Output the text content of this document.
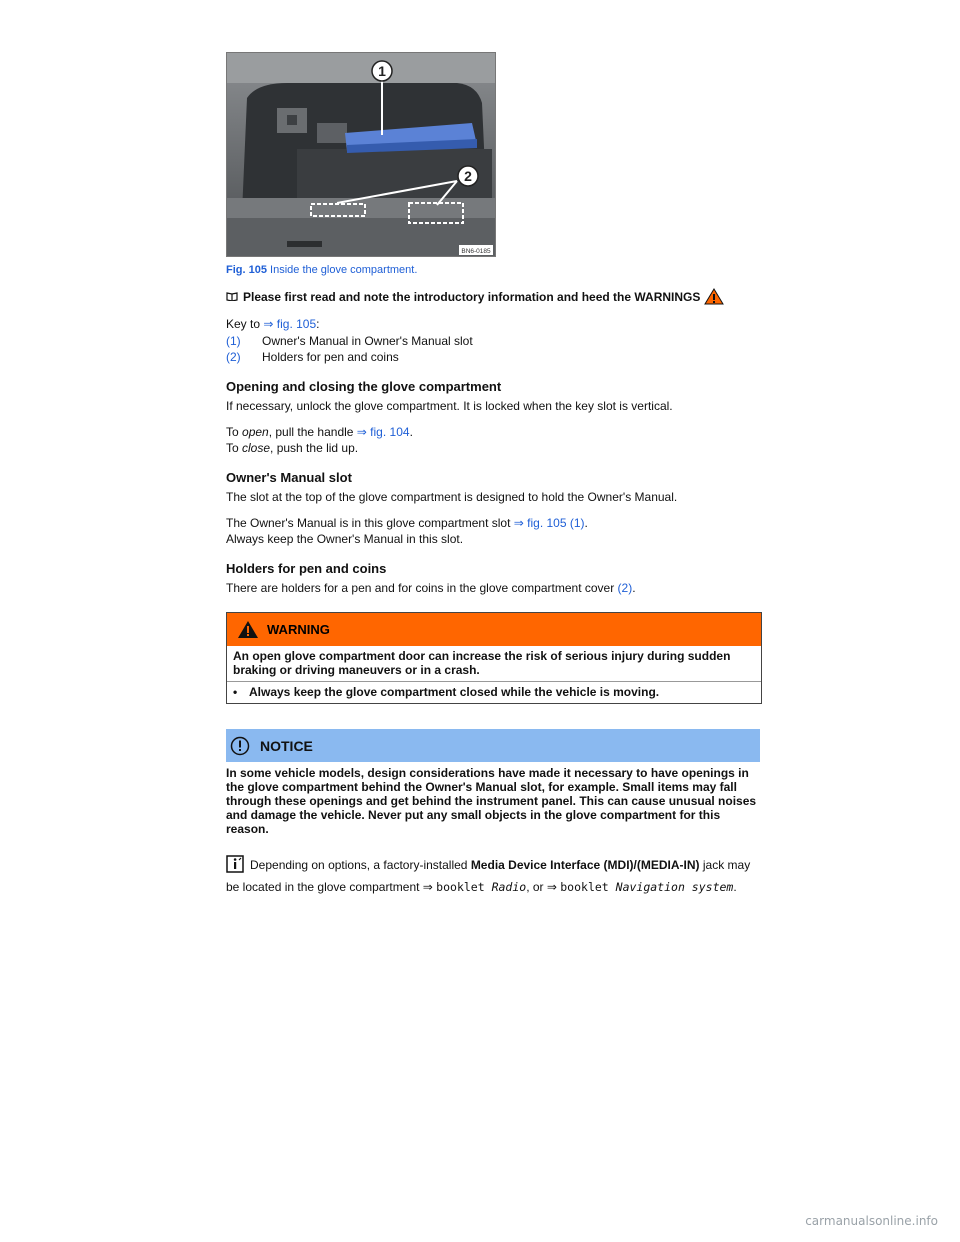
1
2
BN6-0185
Fig. 105 Inside the glove compartment.
Please first read and note the introductory information and heed the WARNINGS

Key to ⇒ fig. 105:

(1)	Owner's Manual in Owner's Manual slot
(2)	Holders for pen and coins
Opening and closing the glove compartment

If necessary, unlock the glove compartment. It is locked when the key slot is vertical.

To open, pull the handle ⇒ fig. 104.

To close, push the lid up.

Owner's Manual slot

The slot at the top of the glove compartment is designed to hold the Owner's Manual.

The Owner's Manual is in this glove compartment slot ⇒ fig. 105 (1).

Always keep the Owner's Manual in this slot.

Holders for pen and coins

There are holders for a pen and for coins in the glove compartment cover (2).

WARNING
An open glove compartment door can increase the risk of serious injury during sudden braking or driving maneuvers or in a crash.
• Always keep the glove compartment closed while the vehicle is moving.
NOTICE
In some vehicle models, design considerations have made it necessary to have openings in the glove compartment behind the Owner's Manual slot, for example. Small items may fall through these openings and get behind the instrument panel. This can cause unusual noises and damage the vehicle. Never put any small objects in the glove compartment for this reason.
Depending on options, a factory-installed Media Device Interface (MDI)/(MEDIA-IN) jack may be located in the glove compartment ⇒ booklet Radio, or ⇒ booklet Navigation system.
carmanualsonline.info
